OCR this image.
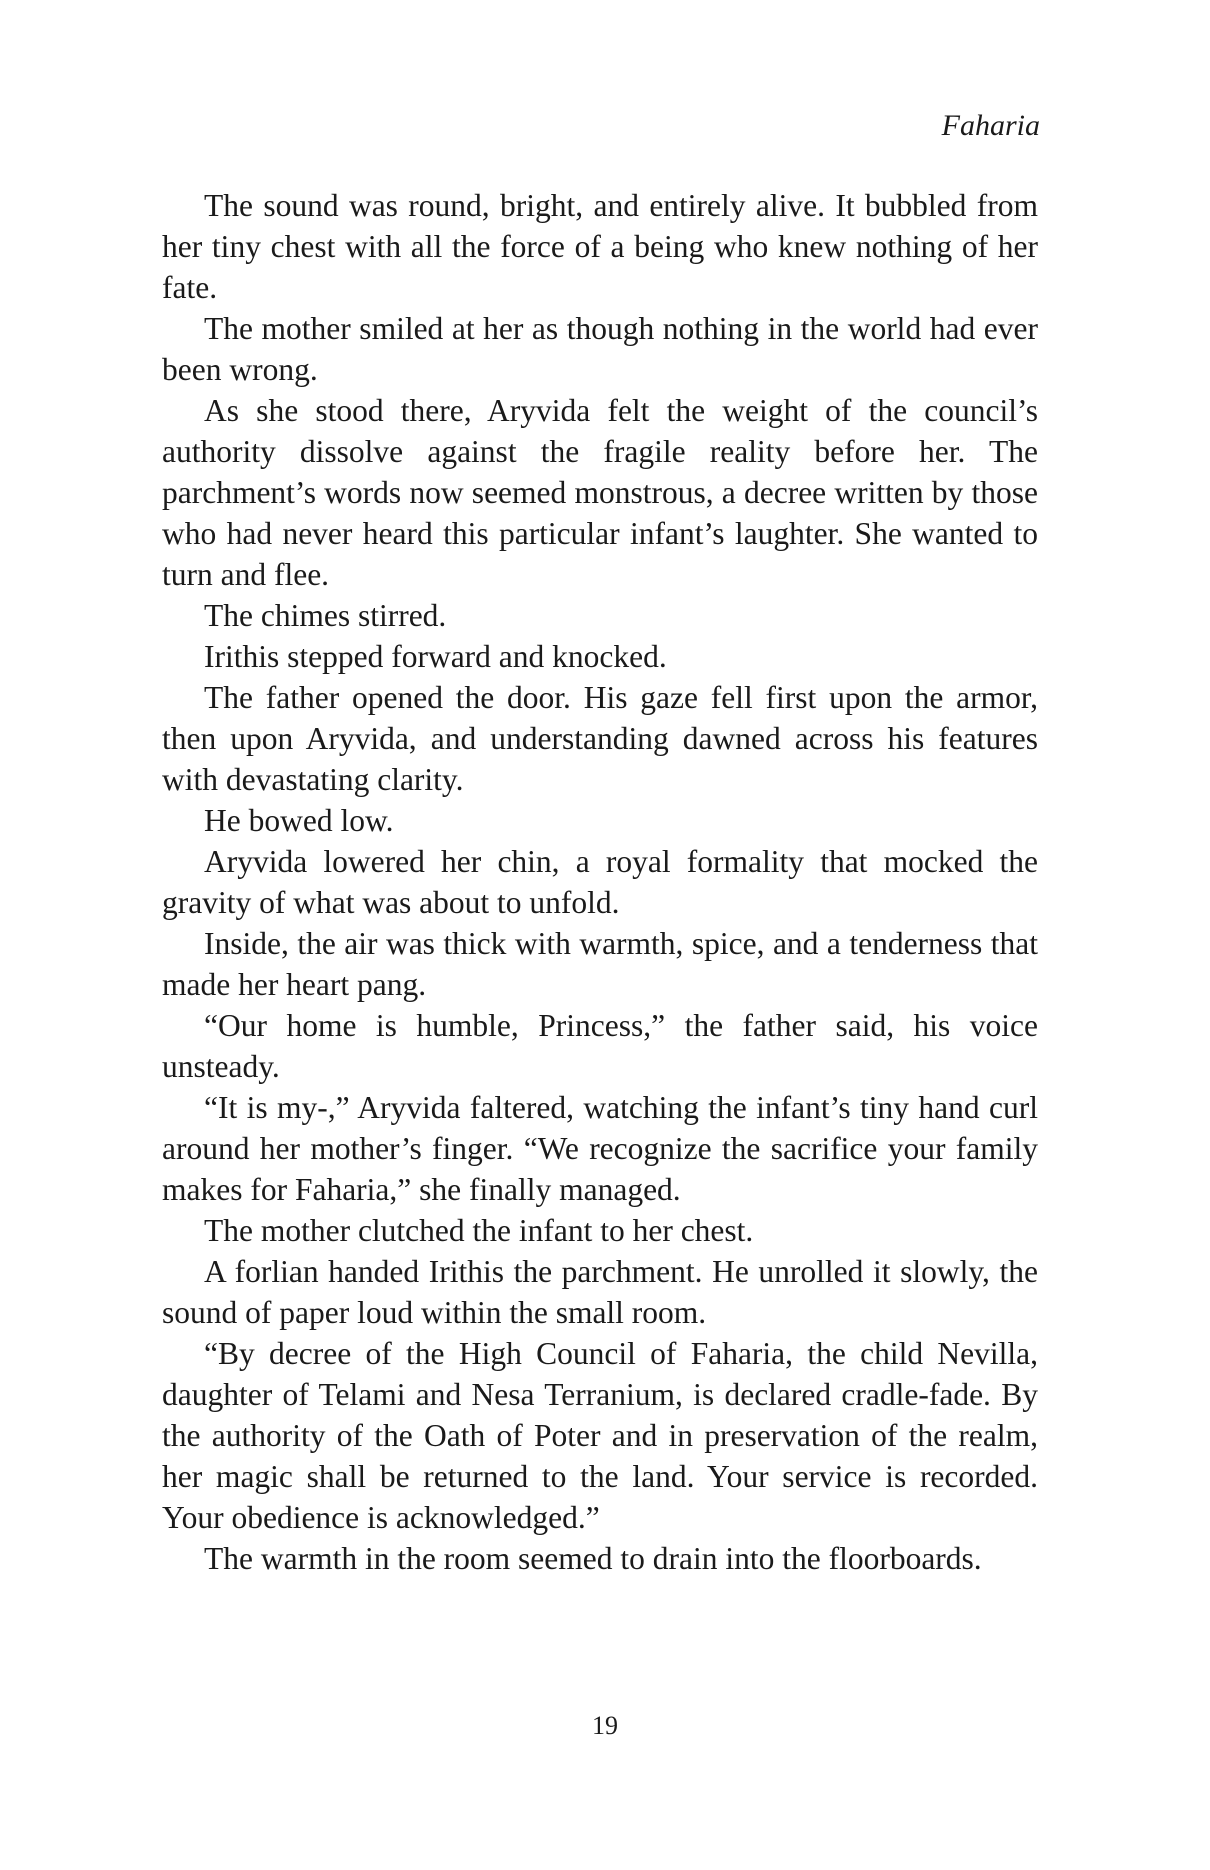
Faharia

The sound was round, bright, and entirely alive. It bubbled from her tiny chest with all the force of a being who knew nothing of her fate.

The mother smiled at her as though nothing in the world had ever been wrong.

As she stood there, Aryvida felt the weight of the council’s authority dissolve against the fragile reality before her. The parchment’s words now seemed monstrous, a decree written by those who had never heard this particular infant’s laughter. She wanted to turn and flee.

The chimes stirred.

Irithis stepped forward and knocked.

The father opened the door. His gaze fell first upon the armor, then upon Aryvida, and understanding dawned across his features with devastating clarity.

He bowed low.

Aryvida lowered her chin, a royal formality that mocked the gravity of what was about to unfold.

Inside, the air was thick with warmth, spice, and a tenderness that made her heart pang.

“Our home is humble, Princess,” the father said, his voice unsteady.

“It is my-,” Aryvida faltered, watching the infant’s tiny hand curl around her mother’s finger. “We recognize the sacrifice your family makes for Faharia,” she finally managed.

The mother clutched the infant to her chest.

A forlian handed Irithis the parchment. He unrolled it slowly, the sound of paper loud within the small room.

“By decree of the High Council of Faharia, the child Nevilla, daughter of Telami and Nesa Terranium, is declared cradle-fade. By the authority of the Oath of Poter and in preservation of the realm, her magic shall be returned to the land. Your service is recorded. Your obedience is acknowledged.”

The warmth in the room seemed to drain into the floorboards.

19
